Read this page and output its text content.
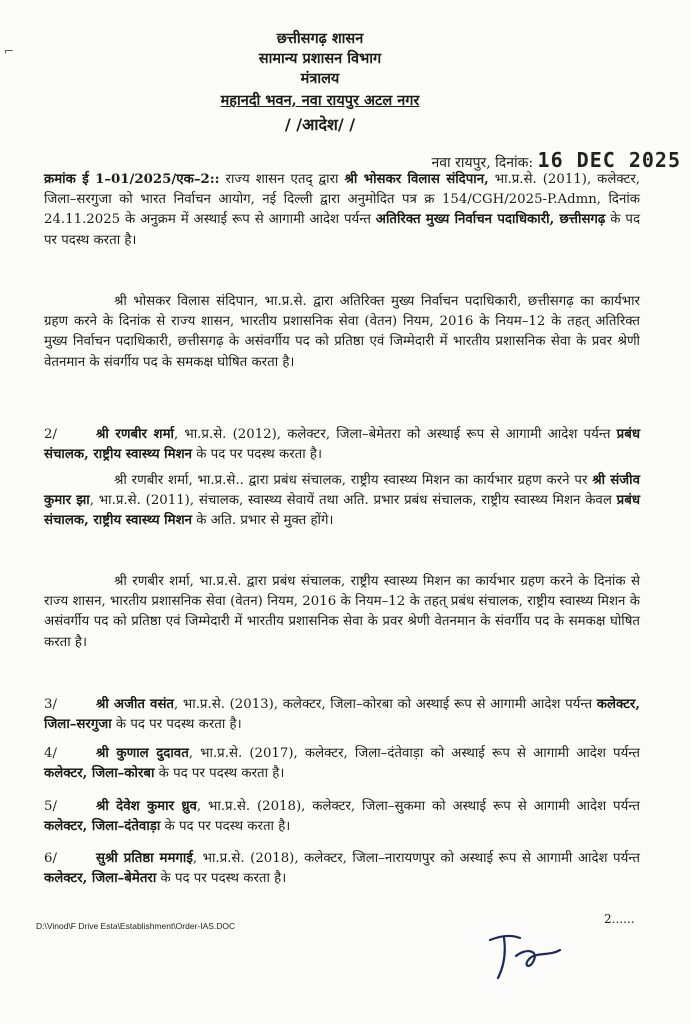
⌐
छत्तीसगढ़ शासन
सामान्य प्रशासन विभाग
मंत्रालय
महानदी भवन, नवा रायपुर अटल नगर
/ /आदेश/ /
नवा रायपुर, दिनांक: 16 DEC 2025
क्रमांक ई 1–01/2025/एक–2:: राज्य शासन एतद् द्वारा श्री भोसकर विलास संदिपान, भा.प्र.से. (2011), कलेक्टर, जिला–सरगुजा को भारत निर्वाचन आयोग, नई दिल्ली द्वारा अनुमोदित पत्र क्र 154/CGH/2025-P.Admn, दिनांक 24.11.2025 के अनुक्रम में अस्थाई रूप से आगामी आदेश पर्यन्त अतिरिक्त मुख्य निर्वाचन पदाधिकारी, छत्तीसगढ़ के पद पर पदस्थ करता है।
श्री भोसकर विलास संदिपान, भा.प्र.से. द्वारा अतिरिक्त मुख्य निर्वाचन पदाधिकारी, छत्तीसगढ़ का कार्यभार ग्रहण करने के दिनांक से राज्य शासन, भारतीय प्रशासनिक सेवा (वेतन) नियम, 2016 के नियम–12 के तहत् अतिरिक्त मुख्य निर्वाचन पदाधिकारी, छत्तीसगढ़ के असंवर्गीय पद को प्रतिष्ठा एवं जिम्मेदारी में भारतीय प्रशासनिक सेवा के प्रवर श्रेणी वेतनमान के संवर्गीय पद के समकक्ष घोषित करता है।
2/	श्री रणबीर शर्मा, भा.प्र.से. (2012), कलेक्टर, जिला–बेमेतरा को अस्थाई रूप से आगामी आदेश पर्यन्त प्रबंध संचालक, राष्ट्रीय स्वास्थ्य मिशन के पद पर पदस्थ करता है।
श्री रणबीर शर्मा, भा.प्र.से.. द्वारा प्रबंध संचालक, राष्ट्रीय स्वास्थ्य मिशन का कार्यभार ग्रहण करने पर श्री संजीव कुमार झा, भा.प्र.से. (2011), संचालक, स्वास्थ्य सेवायें तथा अति. प्रभार प्रबंध संचालक, राष्ट्रीय स्वास्थ्य मिशन केवल प्रबंध संचालक, राष्ट्रीय स्वास्थ्य मिशन के अति. प्रभार से मुक्त होंगे।
श्री रणबीर शर्मा, भा.प्र.से. द्वारा प्रबंध संचालक, राष्ट्रीय स्वास्थ्य मिशन का कार्यभार ग्रहण करने के दिनांक से राज्य शासन, भारतीय प्रशासनिक सेवा (वेतन) नियम, 2016 के नियम–12 के तहत् प्रबंध संचालक, राष्ट्रीय स्वास्थ्य मिशन के असंवर्गीय पद को प्रतिष्ठा एवं जिम्मेदारी में भारतीय प्रशासनिक सेवा के प्रवर श्रेणी वेतनमान के संवर्गीय पद के समकक्ष घोषित करता है।
3/	श्री अजीत वसंत, भा.प्र.से. (2013), कलेक्टर, जिला–कोरबा को अस्थाई रूप से आगामी आदेश पर्यन्त कलेक्टर, जिला–सरगुजा के पद पर पदस्थ करता है।
4/	श्री कुणाल दुदावत, भा.प्र.से. (2017), कलेक्टर, जिला–दंतेवाड़ा को अस्थाई रूप से आगामी आदेश पर्यन्त कलेक्टर, जिला–कोरबा के पद पर पदस्थ करता है।
5/	श्री देवेश कुमार ध्रुव, भा.प्र.से. (2018), कलेक्टर, जिला–सुकमा को अस्थाई रूप से आगामी आदेश पर्यन्त कलेक्टर, जिला–दंतेवाड़ा के पद पर पदस्थ करता है।
6/	सुश्री प्रतिष्ठा ममगाई, भा.प्र.से. (2018), कलेक्टर, जिला–नारायणपुर को अस्थाई रूप से आगामी आदेश पर्यन्त कलेक्टर, जिला–बेमेतरा के पद पर पदस्थ करता है।
D:\Vinod\F Drive Esta\Establishment\Order-IAS.DOC	2......
